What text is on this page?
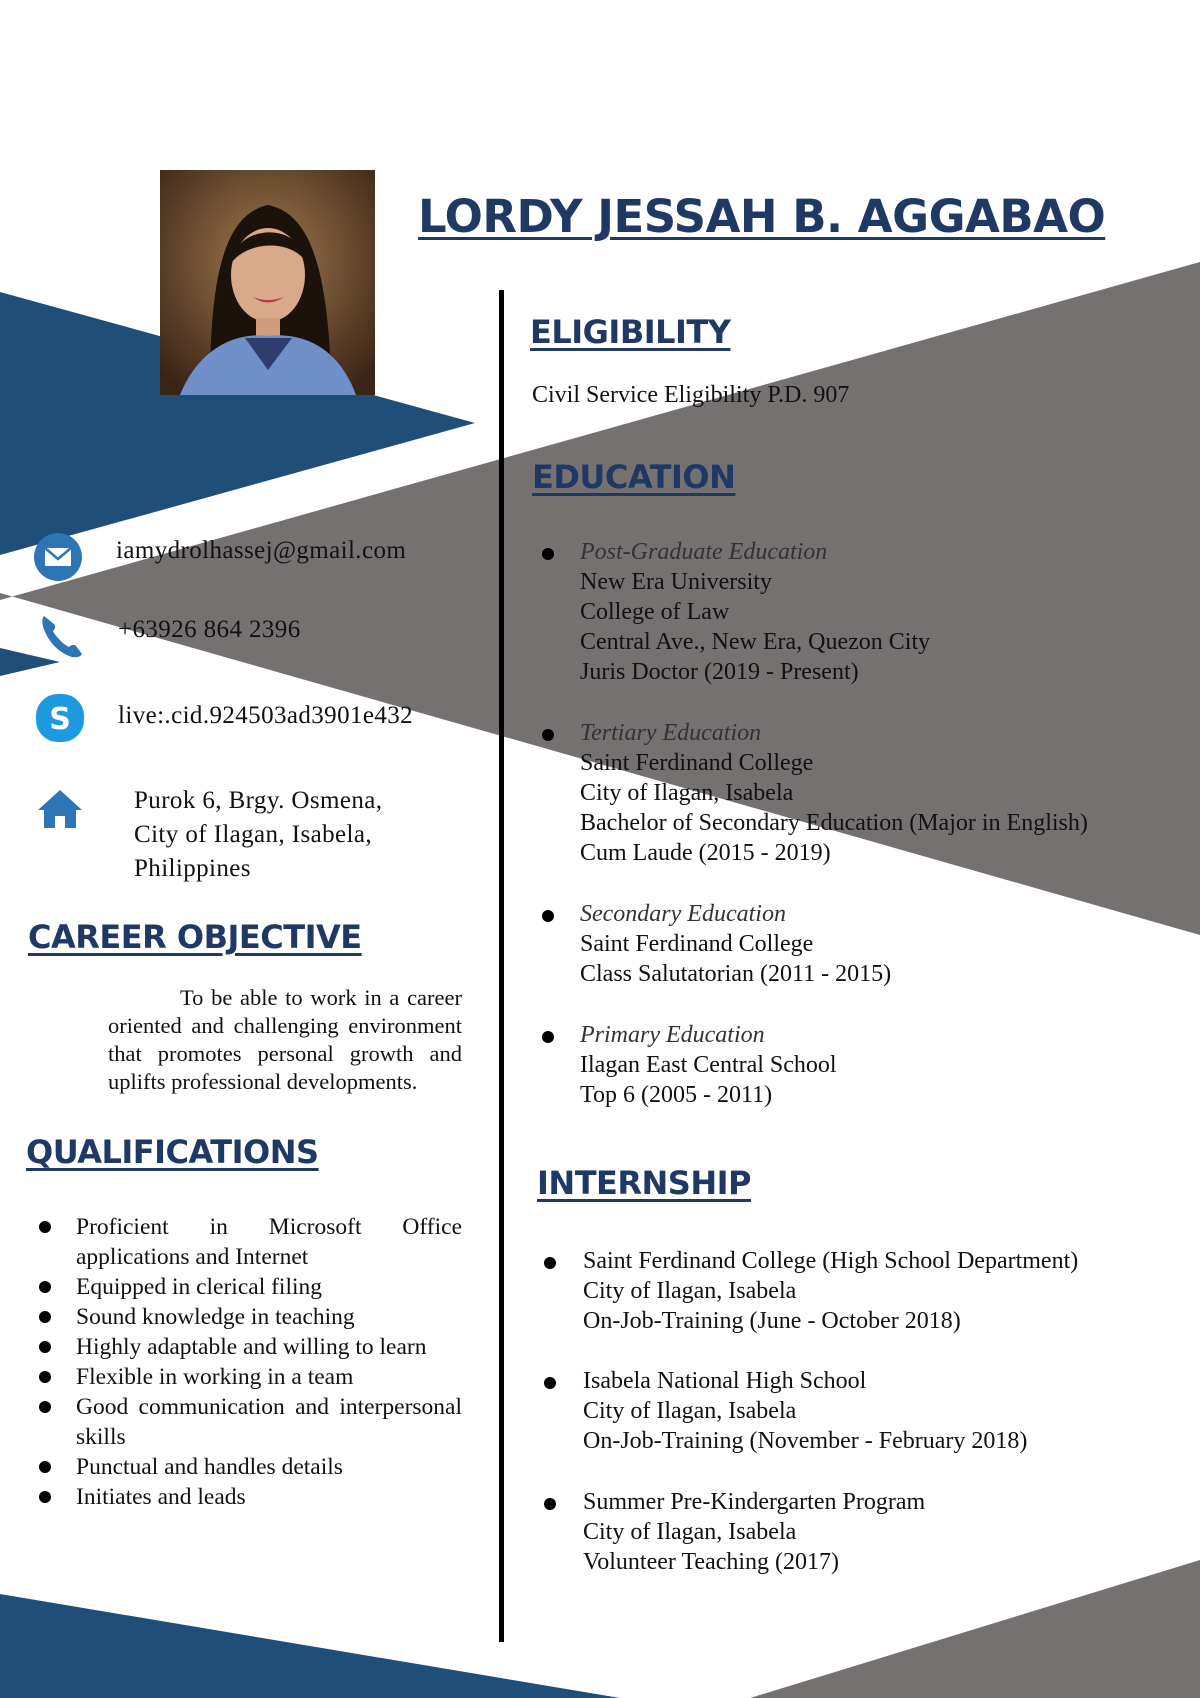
LORDY JESSAH B. AGGABAO
iamydrolhassej@gmail.com
+63926 864 2396
S live:.cid.924503ad3901e432
Purok 6, Brgy. Osmena,
City of Ilagan, Isabela,
Philippines
CAREER OBJECTIVE
To be able to work in a career oriented and challenging environment that promotes personal growth and uplifts professional developments.
QUALIFICATIONS
Proficient in Microsoft Office applications and Internet
Equipped in clerical filing
Sound knowledge in teaching
Highly adaptable and willing to learn
Flexible in working in a team
Good communication and interpersonal skills
Punctual and handles details
Initiates and leads
ELIGIBILITY
Civil Service Eligibility P.D. 907
EDUCATION
Post-Graduate Education
New Era University
College of Law
Central Ave., New Era, Quezon City
Juris Doctor (2019 - Present)
Tertiary Education
Saint Ferdinand College
City of Ilagan, Isabela
Bachelor of Secondary Education (Major in English)
Cum Laude (2015 - 2019)
Secondary Education
Saint Ferdinand College
Class Salutatorian (2011 - 2015)
Primary Education
Ilagan East Central School
Top 6 (2005 - 2011)
INTERNSHIP
Saint Ferdinand College (High School Department)
City of Ilagan, Isabela
On-Job-Training (June - October 2018)
Isabela National High School
City of Ilagan, Isabela
On-Job-Training (November - February 2018)
Summer Pre-Kindergarten Program
City of Ilagan, Isabela
Volunteer Teaching (2017)
